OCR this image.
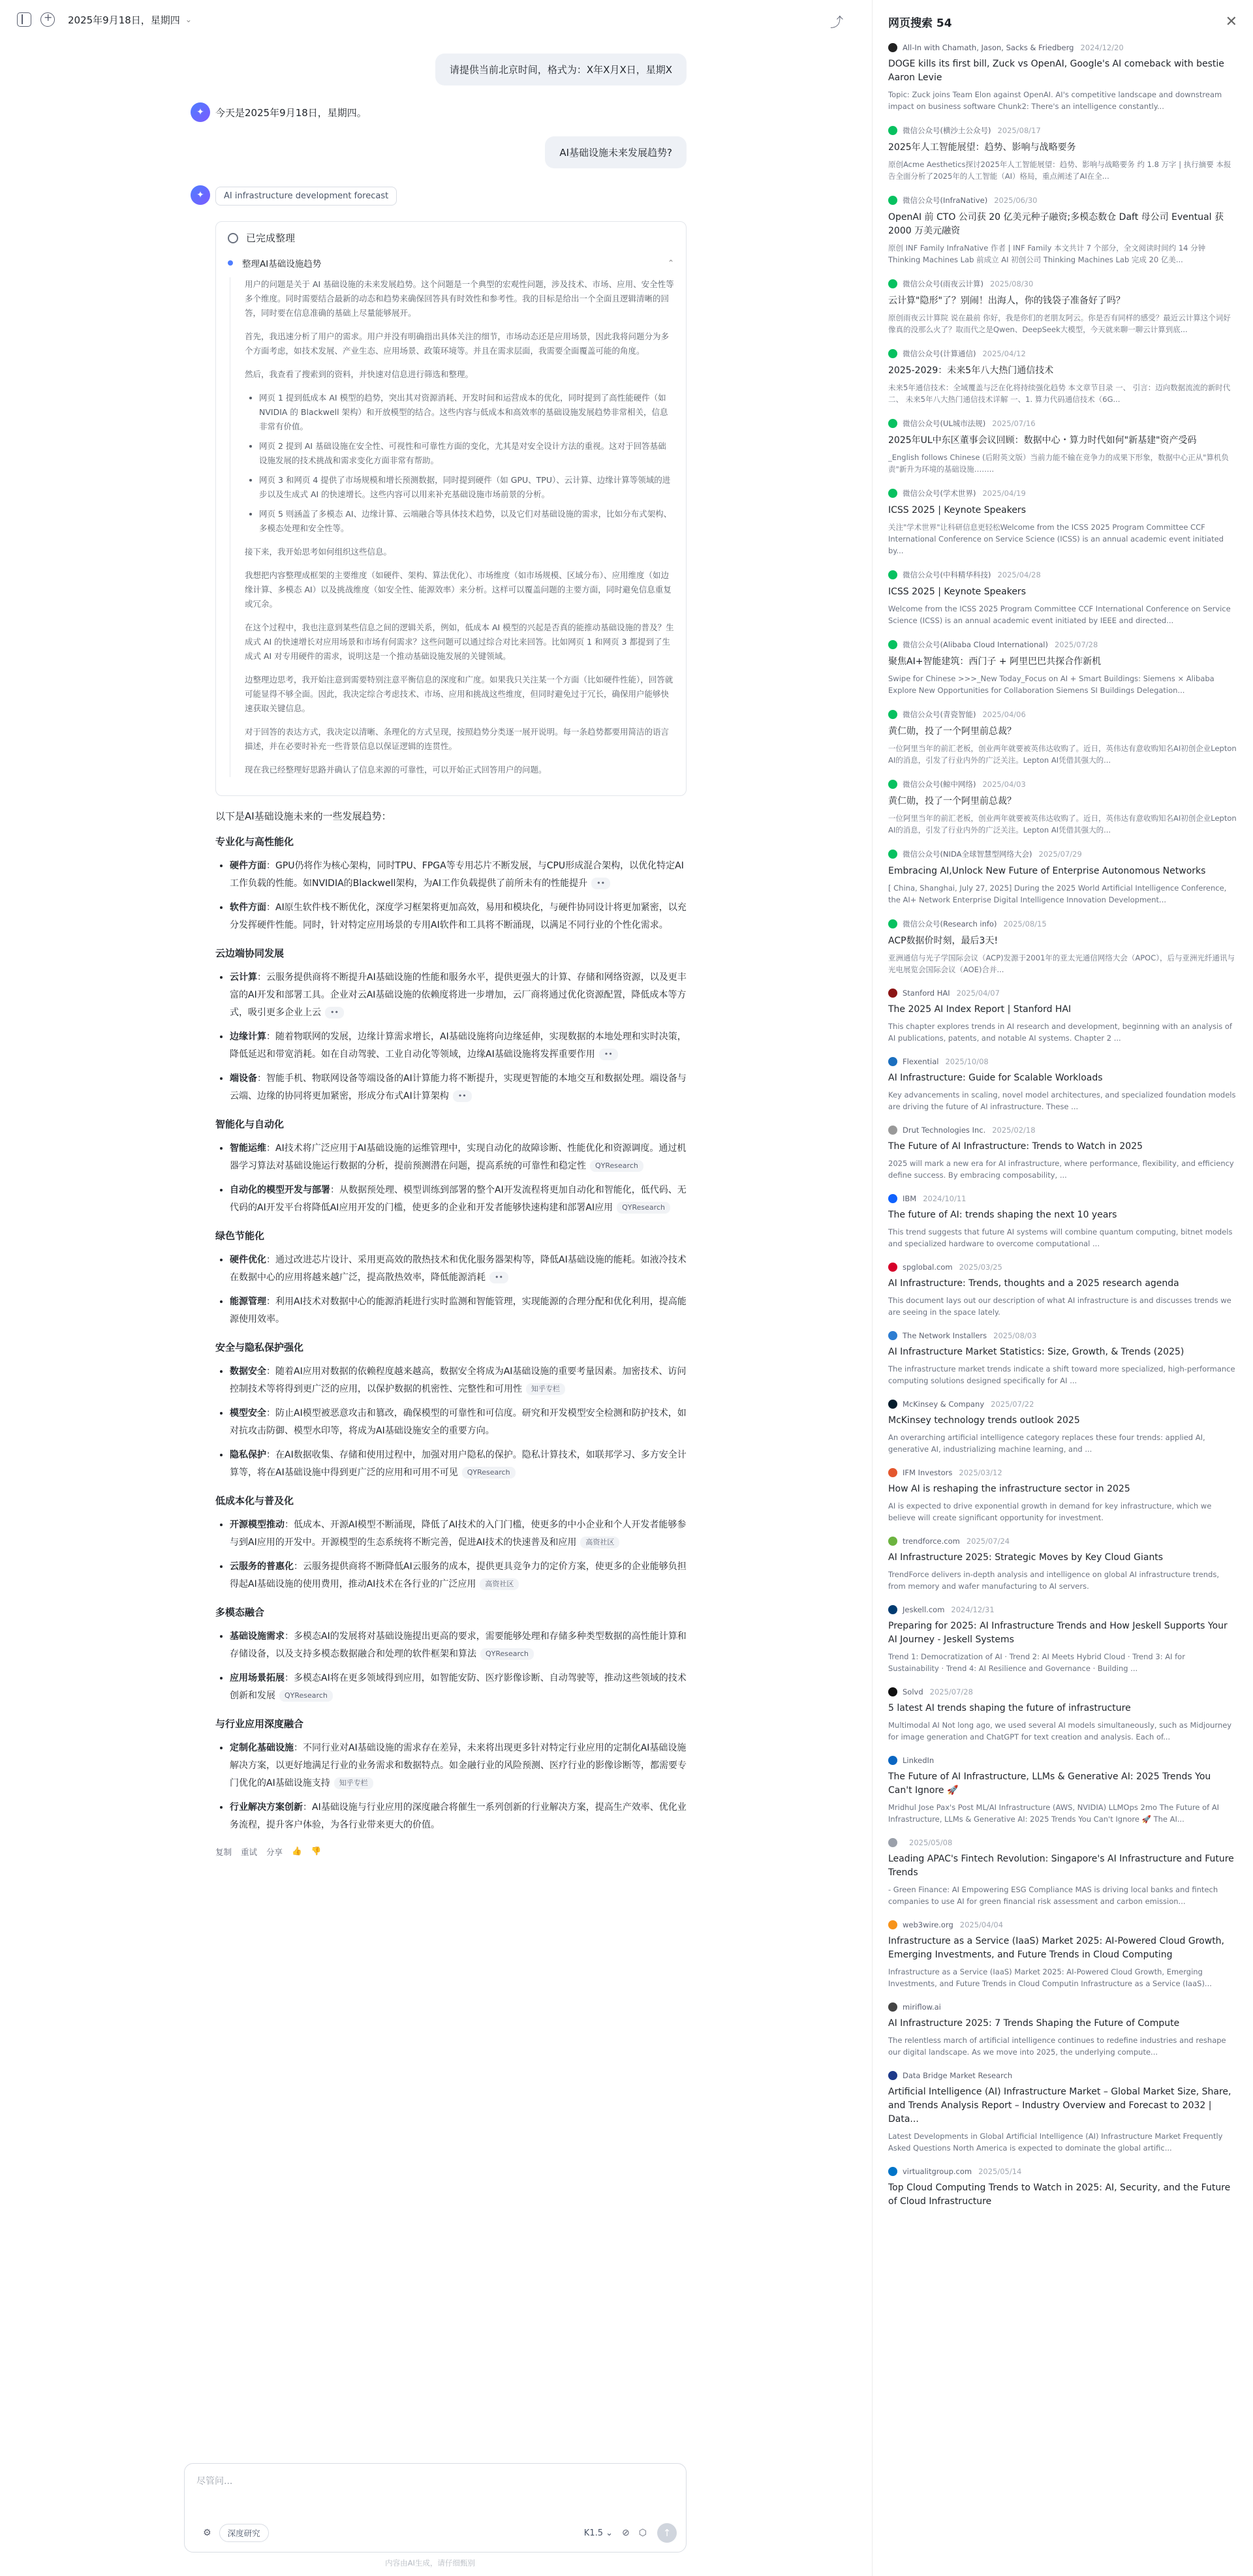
+
2025年9月18日，星期四 ⌄	⤴
请提供当前北京时间，格式为：X年X月X日，星期X
✦	今天是2025年9月18日，星期四。
AI基础设施未来发展趋势?
✦	AI infrastructure development forecast
已完成整理
整理AI基础设施趋势	⌃

用户的问题是关于 AI 基础设施的未来发展趋势。这个问题是一个典型的宏观性问题，涉及技术、市场、应用、安全性等多个维度。同时需要结合最新的动态和趋势来确保回答具有时效性和参考性。我的目标是给出一个全面且逻辑清晰的回答，同时要在信息准确的基础上尽量能够展开。

首先，我迅速分析了用户的需求。用户并没有明确指出具体关注的细节，市场动态还是应用场景，因此我将问题分为多个方面考虑，如技术发展、产业生态、应用场景、政策环境等。并且在需求层面，我需要全面覆盖可能的角度。

然后，我查看了搜索到的资料，并快速对信息进行筛选和整理。

• 网页 1 提到低成本 AI 模型的趋势，突出其对资源消耗、开发时间和运营成本的优化，同时提到了高性能硬件（如 NVIDIA 的 Blackwell 架构）和开放模型的结合。这些内容与低成本和高效率的基础设施发展趋势非常相关，信息非常有价值。
• 网页 2 提到 AI 基础设施在安全性、可视性和可靠性方面的变化，尤其是对安全设计方法的重视。这对于回答基础设施发展的技术挑战和需求变化方面非常有帮助。
• 网页 3 和网页 4 提供了市场规模和增长预测数据，同时提到硬件（如 GPU、TPU）、云计算、边缘计算等领域的进步以及生成式 AI 的快速增长。这些内容可以用来补充基础设施市场前景的分析。
• 网页 5 则涵盖了多模态 AI、边缘计算、云端融合等具体技术趋势，以及它们对基础设施的需求，比如分布式架构、多模态处理和安全性等。

接下来，我开始思考如何组织这些信息。

我想把内容整理成框架的主要维度（如硬件、架构、算法优化）、市场维度（如市场规模、区域分布）、应用维度（如边缘计算、多模态 AI）以及挑战维度（如安全性、能源效率）来分析。这样可以覆盖问题的主要方面，同时避免信息重复或冗余。

在这个过程中，我也注意到某些信息之间的逻辑关系，例如，低成本 AI 模型的兴起是否真的能推动基础设施的普及？生成式 AI 的快速增长对应用场景和市场有何需求？这些问题可以通过综合对比来回答。比如网页 1 和网页 3 都提到了生成式 AI 对专用硬件的需求，说明这是一个推动基础设施发展的关键领域。

边整理边思考，我开始注意到需要特别注意平衡信息的深度和广度。如果我只关注某一个方面（比如硬件性能），回答就可能显得不够全面。因此，我决定综合考虑技术、市场、应用和挑战这些维度，但同时避免过于冗长，确保用户能够快速获取关键信息。

对于回答的表达方式，我决定以清晰、条理化的方式呈现，按照趋势分类逐一展开说明。每一条趋势都要用简洁的语言描述，并在必要时补充一些背景信息以保证逻辑的连贯性。

现在我已经整理好思路并确认了信息来源的可靠性，可以开始正式回答用户的问题。

以下是AI基础设施未来的一些发展趋势：
专业化与高性能化
• 硬件方面：GPU仍将作为核心架构，同时TPU、FPGA等专用芯片不断发展，与CPU形成混合架构，以优化特定AI工作负载的性能。如NVIDIA的Blackwell架构，为AI工作负载提供了前所未有的性能提升 ••
• 软件方面：AI原生软件栈不断优化，深度学习框架将更加高效，易用和模块化，与硬件协同设计将更加紧密，以充分发挥硬件性能。同时，针对特定应用场景的专用AI软件和工具将不断涌现，以满足不同行业的个性化需求。
云边端协同发展
• 云计算：云服务提供商将不断提升AI基础设施的性能和服务水平，提供更强大的计算、存储和网络资源，以及更丰富的AI开发和部署工具。企业对云AI基础设施的依赖度将进一步增加，云厂商将通过优化资源配置，降低成本等方式，吸引更多企业上云 ••
• 边缘计算：随着物联网的发展，边缘计算需求增长，AI基础设施将向边缘延伸，实现数据的本地处理和实时决策，降低延迟和带宽消耗。如在自动驾驶、工业自动化等领域，边缘AI基础设施将发挥重要作用 ••
• 端设备：智能手机、物联网设备等端设备的AI计算能力将不断提升，实现更智能的本地交互和数据处理。端设备与云端、边缘的协同将更加紧密，形成分布式AI计算架构 ••
智能化与自动化
• 智能运维：AI技术将广泛应用于AI基础设施的运维管理中，实现自动化的故障诊断、性能优化和资源调度。通过机器学习算法对基础设施运行数据的分析，提前预测潜在问题，提高系统的可靠性和稳定性 QYResearch
• 自动化的模型开发与部署：从数据预处理、模型训练到部署的整个AI开发流程将更加自动化和智能化，低代码、无代码的AI开发平台将降低AI应用开发的门槛，使更多的企业和开发者能够快速构建和部署AI应用 QYResearch
绿色节能化
• 硬件优化：通过改进芯片设计、采用更高效的散热技术和优化服务器架构等，降低AI基础设施的能耗。如液冷技术在数据中心的应用将越来越广泛，提高散热效率，降低能源消耗 ••
• 能源管理：利用AI技术对数据中心的能源消耗进行实时监测和智能管理，实现能源的合理分配和优化利用，提高能源使用效率。
安全与隐私保护强化
• 数据安全：随着AI应用对数据的依赖程度越来越高，数据安全将成为AI基础设施的重要考量因素。加密技术、访问控制技术等将得到更广泛的应用，以保护数据的机密性、完整性和可用性 知乎专栏
• 模型安全：防止AI模型被恶意攻击和篡改，确保模型的可靠性和可信度。研究和开发模型安全检测和防护技术，如对抗攻击防御、模型水印等，将成为AI基础设施安全的重要方向。
• 隐私保护：在AI数据收集、存储和使用过程中，加强对用户隐私的保护。隐私计算技术，如联邦学习、多方安全计算等，将在AI基础设施中得到更广泛的应用和可用不可见 QYResearch
低成本化与普及化
• 开源模型推动：低成本、开源AI模型不断涌现，降低了AI技术的入门门槛，使更多的中小企业和个人开发者能够参与到AI应用的开发中。开源模型的生态系统将不断完善，促进AI技术的快速普及和应用 高资社区
• 云服务的普惠化：云服务提供商将不断降低AI云服务的成本，提供更具竞争力的定价方案，使更多的企业能够负担得起AI基础设施的使用费用，推动AI技术在各行业的广泛应用 高资社区
多模态融合
• 基础设施需求：多模态AI的发展将对基础设施提出更高的要求，需要能够处理和存储多种类型数据的高性能计算和存储设备，以及支持多模态数据融合和处理的软件框架和算法 QYResearch
• 应用场景拓展：多模态AI将在更多领域得到应用，如智能安防、医疗影像诊断、自动驾驶等，推动这些领域的技术创新和发展 QYResearch
与行业应用深度融合
• 定制化基础设施：不同行业对AI基础设施的需求存在差异，未来将出现更多针对特定行业应用的定制化AI基础设施解决方案，以更好地满足行业的业务需求和数据特点。如金融行业的风险预测、医疗行业的影像诊断等，都需要专门优化的AI基础设施支持 知乎专栏
• 行业解决方案创新：AI基础设施与行业应用的深度融合将催生一系列创新的行业解决方案，提高生产效率、优化业务流程，提升客户体验，为各行业带来更大的价值。
复制 重试 分享 👍 👎
尽管问...
⚙	深度研究	K1.5 ⌄ ⊘ ⬡	↑
内容由AI生成，请仔细甄别
网页搜索 54	✕
All-In with Chamath, Jason, Sacks & Friedberg 2024/12/20
DOGE kills its first bill, Zuck vs OpenAI, Google's AI comeback with bestie Aaron Levie
Topic: Zuck joins Team Elon against OpenAI. AI's competitive landscape and downstream impact on business software Chunk2: There's an intelligence constantly...
微信公众号(横沙土公众号) 2025/08/17
2025年人工智能展望：趋势、影响与战略要务
原创Acme Aesthetics探讨2025年人工智能展望：趋势、影响与战略要务 约 1.8 万字 | 执行摘要 本报告全面分析了2025年的人工智能（AI）格局，重点阐述了AI在全...
微信公众号(InfraNative) 2025/06/30
OpenAI 前 CTO 公司获 20 亿美元种子融资;多模态数仓 Daft 母公司 Eventual 获 2000 万美元融资
原创 INF Family InfraNative 作者 | INF Family 本文共计 7 个部分，全文阅读时间约 14 分钟 Thinking Machines Lab 前成立 AI 初创公司 Thinking Machines Lab 完成 20 亿美...
微信公众号(雨夜云计算) 2025/08/30
云计算"隐形"了？别闹！出海人，你的钱袋子准备好了吗？
原创雨夜云计算院 说在最前 你好，我是你们的老朋友阿云。你是否有同样的感受？最近云计算这个词好像真的没那么火了？取而代之是Qwen、DeepSeek大模型，今天就来聊一聊云计算到底...
微信公众号(计算通信) 2025/04/12
2025-2029：未来5年八大热门通信技术
未来5年通信技术：全域覆盖与泛在化将持续强化趋势 本文章节目录 一、 引言：迈向数据流流的新时代 二、 未来5年八大热门通信技术详解 一、1. 算力代码通信技术（6G...
微信公众号(UL城市法规) 2025/07/16
2025年UL中东区董事会议回顾：数据中心・算力时代如何"新基建"资产受码
_English follows Chinese (后附英文版）当前力能不输在竞争力的成果下形象，数据中心正从"算机负责"新升为环境的基础设施……..
微信公众号(学术世界) 2025/04/19
ICSS 2025 | Keynote Speakers
关注"学术世界"让科研信息更轻松Welcome from the ICSS 2025 Program Committee CCF International Conference on Service Science (ICSS) is an annual academic event initiated by...
微信公众号(中科精华科技) 2025/04/28
ICSS 2025 | Keynote Speakers
Welcome from the ICSS 2025 Program Committee CCF International Conference on Service Science (ICSS) is an annual academic event initiated by IEEE and directed...
微信公众号(Alibaba Cloud International) 2025/07/28
聚焦AI+智能建筑：西门子 + 阿里巴巴共探合作新机
Swipe for Chinese >>>_New Today_Focus on AI + Smart Buildings: Siemens × Alibaba Explore New Opportunities for Collaboration Siemens SI Buildings Delegation...
微信公众号(青瓷智能) 2025/04/06
黄仁勋，投了一个阿里前总裁？
一位阿里当年的前汇老板，创业两年就要被英伟达收购了。近日，英伟达有意收购知名AI初创企业Lepton AI的消息，引发了行业内外的广泛关注。Lepton AI凭借其强大的...
微信公众号(鲸中网络) 2025/04/03
黄仁勋，投了一个阿里前总裁？
一位阿里当年的前汇老板，创业两年就要被英伟达收购了。近日，英伟达有意收购知名AI初创企业Lepton AI的消息，引发了行业内外的广泛关注。Lepton AI凭借其强大的...
微信公众号(NIDA全球智慧型网络大会) 2025/07/29
Embracing AI,Unlock New Future of Enterprise Autonomous Networks
[ China, Shanghai, July 27, 2025] During the 2025 World Artificial Intelligence Conference, the AI+ Network Enterprise Digital Intelligence Innovation Development...
微信公众号(Research info) 2025/08/15
ACP数据价时刻，最后3天!
亚洲通信与光子学国际会议（ACP)发源于2001年的亚太光通信网络大会（APOC），后与亚洲光纤通讯与光电展览会国际会议（AOE)合并...
Stanford HAI 2025/04/07
The 2025 AI Index Report | Stanford HAI
This chapter explores trends in AI research and development, beginning with an analysis of AI publications, patents, and notable AI systems. Chapter 2 ...
Flexential 2025/10/08
AI Infrastructure: Guide for Scalable Workloads
Key advancements in scaling, novel model architectures, and specialized foundation models are driving the future of AI infrastructure. These ...
Drut Technologies Inc. 2025/02/18
The Future of AI Infrastructure: Trends to Watch in 2025
2025 will mark a new era for AI infrastructure, where performance, flexibility, and efficiency define success. By embracing composability, ...
IBM 2024/10/11
The future of AI: trends shaping the next 10 years
This trend suggests that future AI systems will combine quantum computing, bitnet models and specialized hardware to overcome computational ...
spglobal.com 2025/03/25
AI Infrastructure: Trends, thoughts and a 2025 research agenda
This document lays out our description of what AI infrastructure is and discusses trends we are seeing in the space lately.
The Network Installers 2025/08/03
AI Infrastructure Market Statistics: Size, Growth, & Trends (2025)
The infrastructure market trends indicate a shift toward more specialized, high-performance computing solutions designed specifically for AI ...
McKinsey & Company 2025/07/22
McKinsey technology trends outlook 2025
An overarching artificial intelligence category replaces these four trends: applied AI, generative AI, industrializing machine learning, and ...
IFM Investors 2025/03/12
How AI is reshaping the infrastructure sector in 2025
AI is expected to drive exponential growth in demand for key infrastructure, which we believe will create significant opportunity for investment.
trendforce.com 2025/07/24
AI Infrastructure 2025: Strategic Moves by Key Cloud Giants
TrendForce delivers in-depth analysis and intelligence on global AI infrastructure trends, from memory and wafer manufacturing to AI servers.
Jeskell.com 2024/12/31
Preparing for 2025: AI Infrastructure Trends and How Jeskell Supports Your AI Journey - Jeskell Systems
Trend 1: Democratization of AI · Trend 2: AI Meets Hybrid Cloud · Trend 3: AI for Sustainability · Trend 4: AI Resilience and Governance · Building ...
Solvd 2025/07/28
5 latest AI trends shaping the future of infrastructure
Multimodal AI Not long ago, we used several AI models simultaneously, such as Midjourney for image generation and ChatGPT for text creation and analysis. Each of...
LinkedIn
The Future of AI Infrastructure, LLMs & Generative AI: 2025 Trends You Can't Ignore 🚀
Mridhul Jose Pax's Post ML/AI Infrastructure (AWS, NVIDIA) LLMOps 2mo The Future of AI Infrastructure, LLMs & Generative AI: 2025 Trends You Can't Ignore 🚀 The AI...
2025/05/08
Leading APAC's Fintech Revolution: Singapore's AI Infrastructure and Future Trends
- Green Finance: AI Empowering ESG Compliance MAS is driving local banks and fintech companies to use AI for green financial risk assessment and carbon emission...
web3wire.org 2025/04/04
Infrastructure as a Service (IaaS) Market 2025: AI-Powered Cloud Growth, Emerging Investments, and Future Trends in Cloud Computing
Infrastructure as a Service (IaaS) Market 2025: AI-Powered Cloud Growth, Emerging Investments, and Future Trends in Cloud Computin Infrastructure as a Service (IaaS)...
miriflow.ai
AI Infrastructure 2025: 7 Trends Shaping the Future of Compute
The relentless march of artificial intelligence continues to redefine industries and reshape our digital landscape. As we move into 2025, the underlying compute...
Data Bridge Market Research
Artificial Intelligence (AI) Infrastructure Market – Global Market Size, Share, and Trends Analysis Report – Industry Overview and Forecast to 2032 | Data...
Latest Developments in Global Artificial Intelligence (AI) Infrastructure Market Frequently Asked Questions North America is expected to dominate the global artific...
virtualitgroup.com 2025/05/14
Top Cloud Computing Trends to Watch in 2025: AI, Security, and the Future of Cloud Infrastructure
